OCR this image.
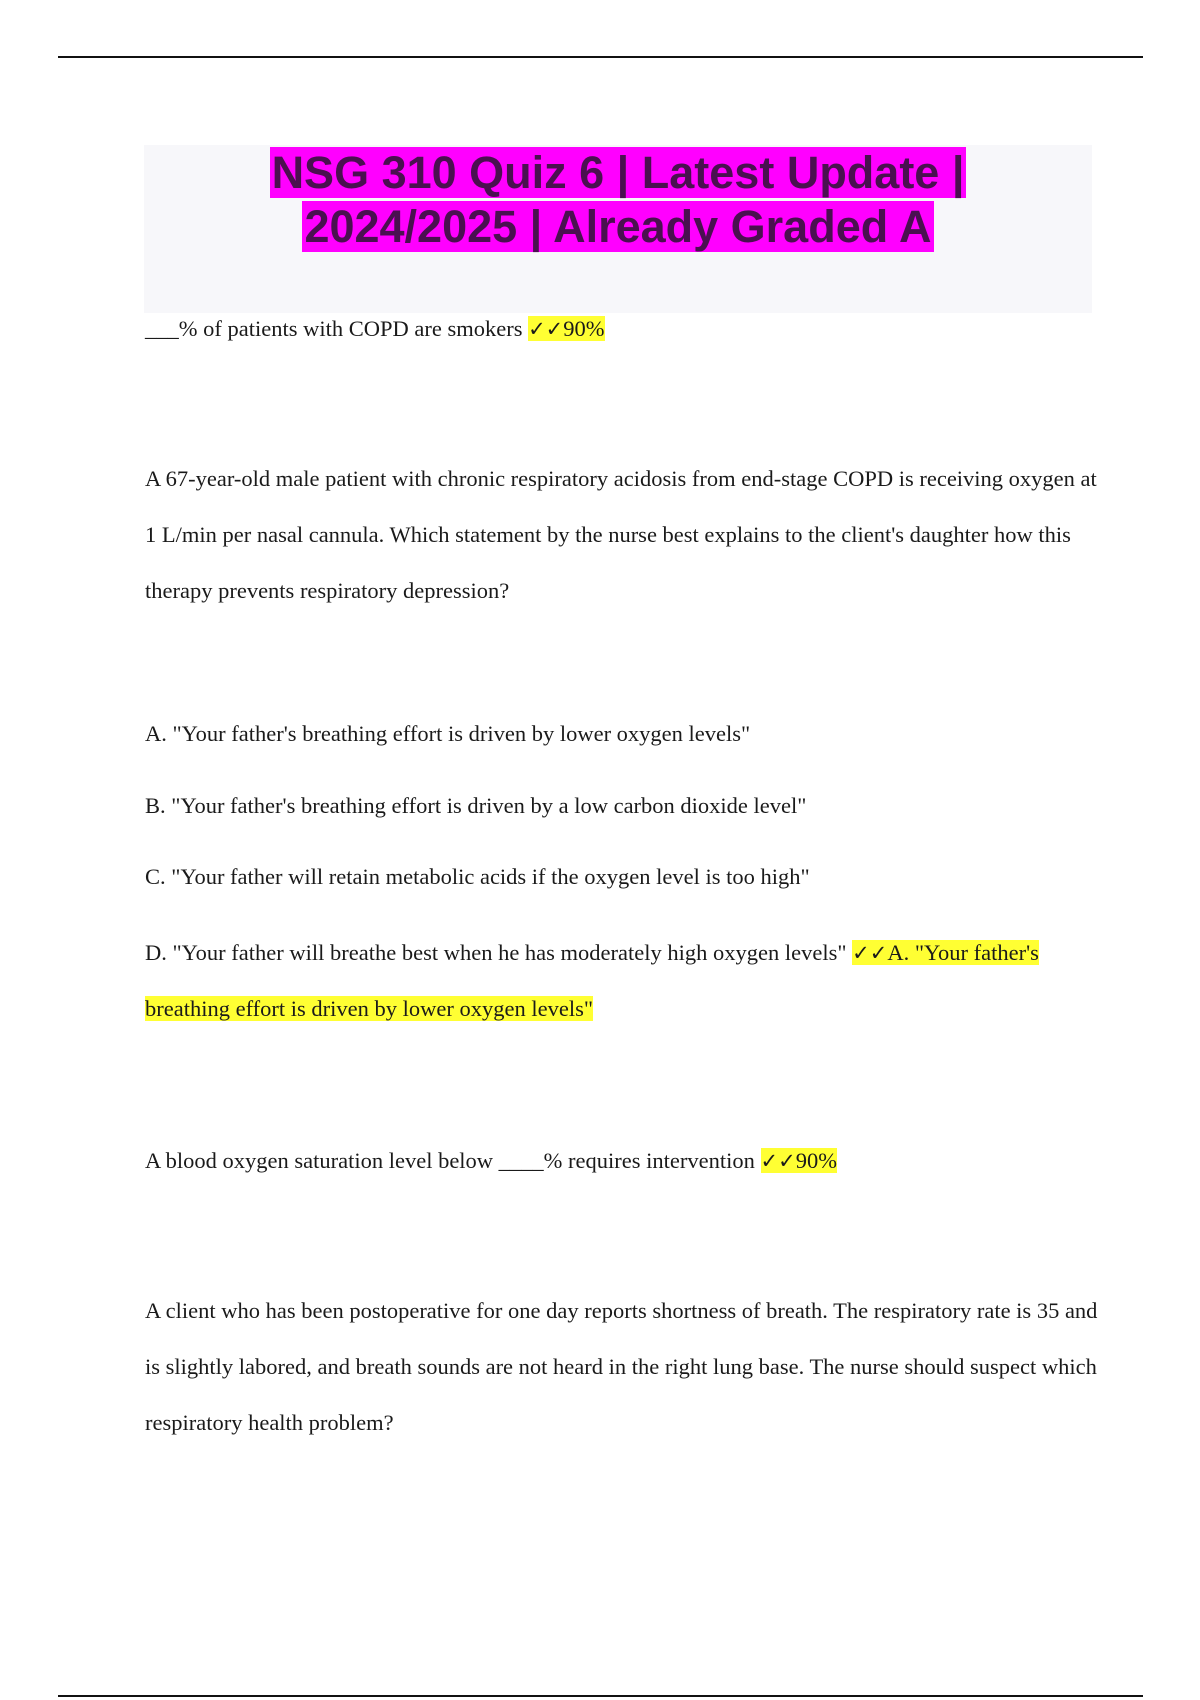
NSG 310 Quiz 6 | Latest Update |
2024/2025 | Already Graded A

___% of patients with COPD are smokers ✓✓90%

A 67-year-old male patient with chronic respiratory acidosis from end-stage COPD is receiving oxygen at 1 L/min per nasal cannula. Which statement by the nurse best explains to the client's daughter how this therapy prevents respiratory depression?

A. "Your father's breathing effort is driven by lower oxygen levels"

B. "Your father's breathing effort is driven by a low carbon dioxide level"

C. "Your father will retain metabolic acids if the oxygen level is too high"

D. "Your father will breathe best when he has moderately high oxygen levels" ✓✓A. "Your father's breathing effort is driven by lower oxygen levels"

A blood oxygen saturation level below ____% requires intervention ✓✓90%

A client who has been postoperative for one day reports shortness of breath. The respiratory rate is 35 and is slightly labored, and breath sounds are not heard in the right lung base. The nurse should suspect which respiratory health problem?
